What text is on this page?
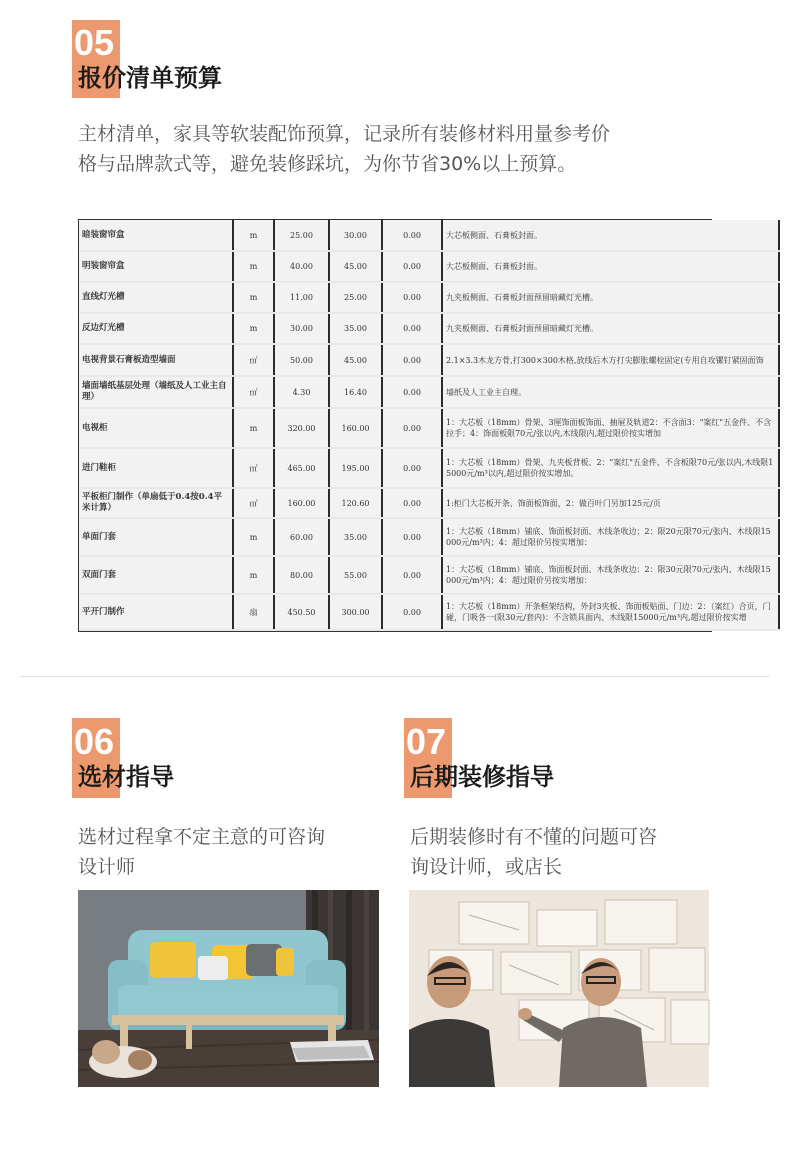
05
报价清单预算
主材清单，家具等软装配饰预算，记录所有装修材料用量参考价
格与品牌款式等，避免装修踩坑，为你节省30%以上预算。
暗装窗帘盒	m	25.00	30.00	0.00	大芯板侧面、石膏板封面。
明装窗帘盒	m	40.00	45.00	0.00	大芯板侧面、石膏板封面。
直线灯光槽	m	11.00	25.00	0.00	九夹板侧面、石膏板封面预留暗藏灯光槽。
反边灯光槽	m	30.00	35.00	0.00	九夹板侧面、石膏板封面预留暗藏灯光槽。
电视背景石膏板造型墙面	㎡	50.00	45.00	0.00	2.1×3.3木龙方骨,打300×300木格,放线后木方打尖膨胀螺栓固定(专用自攻镙钉紧固面饰
墙面墙纸基层处理（墙纸及人工业主自理）	㎡	4.30	16.40	0.00	墙纸及人工业主自理。
电视柜	m	320.00	160.00	0.00	1：大芯板（18mm）骨架、3厘饰面板饰面、抽屉及轨道2：不含面3："案红"五金件、不含拉手；4：饰面板限70元/张以内,木线限内,超过限价按实增加
进门鞋柜	㎡	465.00	195.00	0.00	1：大芯板（18mm）骨架、九夹板背板、2："案红"五金件、不含板限70元/张以内,木线限15000元/m³以内,超过限价按实增加。
平板柜门制作（单扇低于0.4按0.4平米计算）	㎡	160.00	120.60	0.00	1:柜门大芯板开条、饰面板饰面，2：做百叶门另加125元/页
单面门套	m	60.00	35.00	0.00	1：大芯板（18mm）铺底、饰面板封面、木线条收边：2：限20元限70元/张内、木线限15000元/m³内；4：超过限价另按实增加：
双面门套	m	80.00	55.00	0.00	1：大芯板（18mm）铺底、饰面板封面、木线条收边：2：限30元限70元/张内、木线限15000元/m³内；4：超过限价另按实增加：
平开门制作	扇	450.50	300.00	0.00	1：大芯板（18mm）开条框架结构，外封3夹板、饰面板贴面、门边：2：（案红）合页，门碰，门吸各一(限30元/套内)：不含锁具面内、木线限15000元/m³内,超过限价按实增
06
选材指导
选材过程拿不定主意的可咨询
设计师
07
后期装修指导
后期装修时有不懂的问题可咨
询设计师，或店长
